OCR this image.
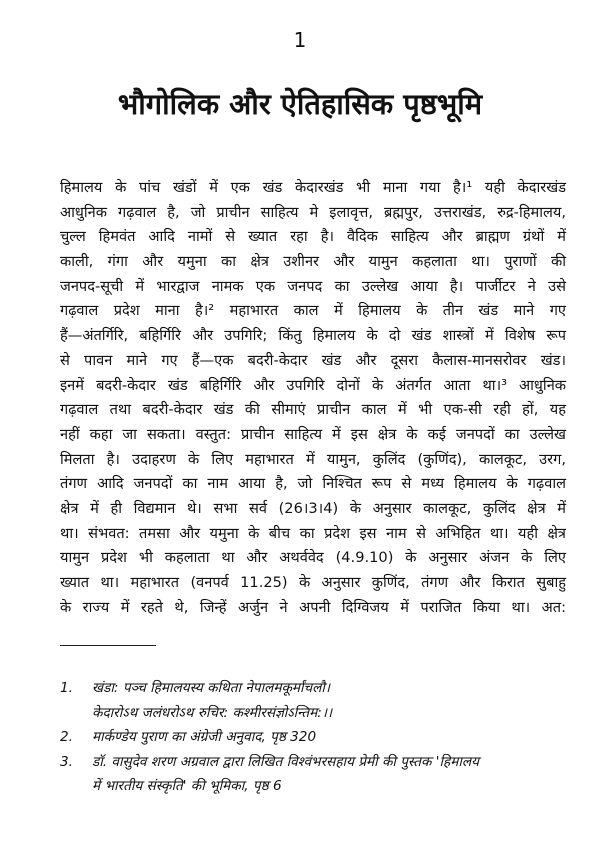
1
भौगोलिक और ऐतिहासिक पृष्ठभूमि
हिमालय के पांच खंडों में एक खंड केदारखंड भी माना गया है।¹ यही केदारखंड
आधुनिक गढ़वाल है, जो प्राचीन साहित्य मे इलावृत्त, ब्रह्मपुर, उत्तराखंड, रुद्र-हिमालय,
चुल्ल हिमवंत आदि नामों से ख्यात रहा है। वैदिक साहित्य और ब्राह्मण ग्रंथों में
काली, गंगा और यमुना का क्षेत्र उशीनर और यामुन कहलाता था। पुराणों की
जनपद-सूची में भारद्वाज नामक एक जनपद का उल्लेख आया है। पार्जीटर ने उसे
गढ़वाल प्रदेश माना है।² महाभारत काल में हिमालय के तीन खंड माने गए
हैं—अंतर्गिरि, बहिर्गिरि और उपगिरि; किंतु हिमालय के दो खंड शास्त्रों में विशेष रूप
से पावन माने गए हैं—एक बदरी-केदार खंड और दूसरा कैलास-मानसरोवर खंड।
इनमें बदरी-केदार खंड बहिर्गिरि और उपगिरि दोनों के अंतर्गत आता था।³ आधुनिक
गढ़वाल तथा बदरी-केदार खंड की सीमाएं प्राचीन काल में भी एक-सी रही हों, यह
नहीं कहा जा सकता। वस्तुत: प्राचीन साहित्य में इस क्षेत्र के कई जनपदों का उल्लेख
मिलता है। उदाहरण के लिए महाभारत में यामुन, कुलिंद (कुणिंद), कालकूट, उरग,
तंगण आदि जनपदों का नाम आया है, जो निश्चित रूप से मध्य हिमालय के गढ़वाल
क्षेत्र में ही विद्यमान थे। सभा सर्व (26।3।4) के अनुसार कालकूट, कुलिंद क्षेत्र में
था। संभवत: तमसा और यमुना के बीच का प्रदेश इस नाम से अभिहित था। यही क्षेत्र
यामुन प्रदेश भी कहलाता था और अथर्ववेद (4.9.10) के अनुसार अंजन के लिए
ख्यात था। महाभारत (वनपर्व 11.25) के अनुसार कुणिंद, तंगण और किरात सुबाहु
के राज्य में रहते थे, जिन्हें अर्जुन ने अपनी दिग्विजय में पराजित किया था। अत:
1.	खंडा: पञ्च हिमालयस्य कथिता नेपालमकूर्मांचलौ।
केदारोऽथ जलंधरोऽथ रुचिर: कश्मीरसंज्ञोऽन्तिम:।।
2.	मार्कण्डेय पुराण का अंग्रेजी अनुवाद, पृष्ठ 320
3.	डॉ. वासुदेव शरण अग्रवाल द्वारा लिखित विश्वंभरसहाय प्रेमी की पुस्तक 'हिमालय
में भारतीय संस्कृति' की भूमिका, पृष्ठ 6
